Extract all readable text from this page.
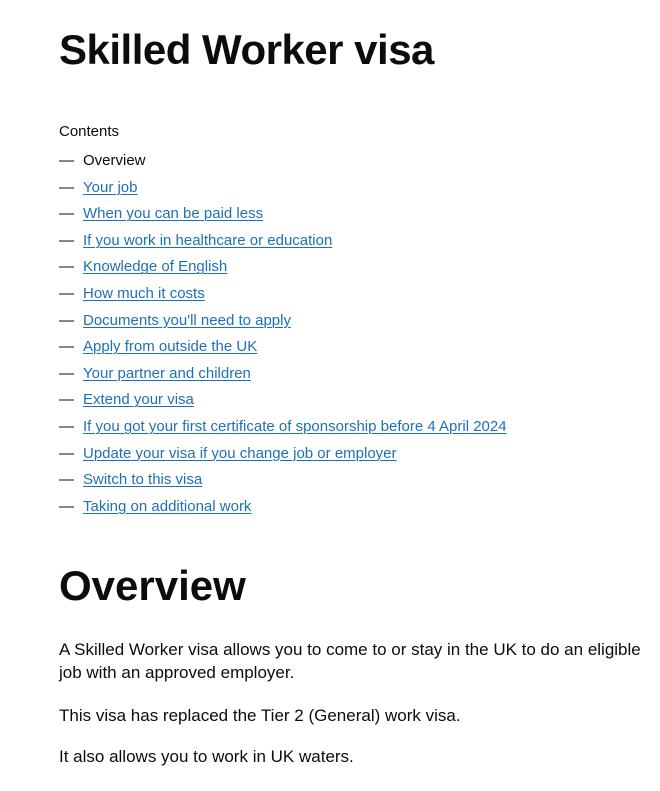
Skilled Worker visa
Contents
— Overview
— Your job
— When you can be paid less
— If you work in healthcare or education
— Knowledge of English
— How much it costs
— Documents you'll need to apply
— Apply from outside the UK
— Your partner and children
— Extend your visa
— If you got your first certificate of sponsorship before 4 April 2024
— Update your visa if you change job or employer
— Switch to this visa
— Taking on additional work
Overview

A Skilled Worker visa allows you to come to or stay in the UK to do an eligible job with an approved employer.

This visa has replaced the Tier 2 (General) work visa.

It also allows you to work in UK waters.
